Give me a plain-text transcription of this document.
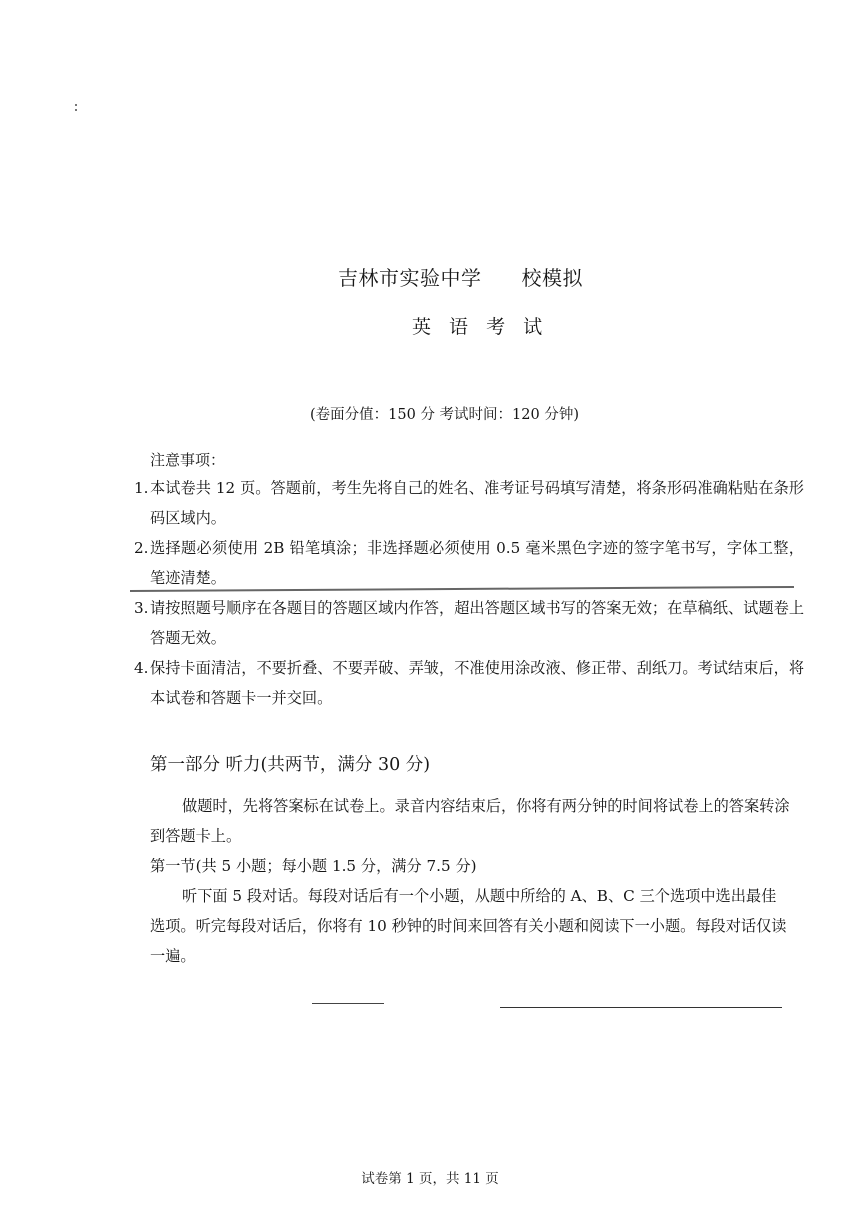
吉林市实验中学 校模拟
英 语 考 试
(卷面分值：150 分 考试时间：120 分钟)
注意事项：
1. 本试卷共 12 页。答题前，考生先将自己的姓名、准考证号码填写清楚，将条形码准确粘贴在条形码区域内。
2. 选择题必须使用 2B 铅笔填涂；非选择题必须使用 0.5 毫米黑色字迹的签字笔书写，字体工整，笔迹清楚。
3. 请按照题号顺序在各题目的答题区域内作答，超出答题区域书写的答案无效；在草稿纸、试题卷上答题无效。
4. 保持卡面清洁，不要折叠、不要弄破、弄皱，不准使用涂改液、修正带、刮纸刀。考试结束后，将本试卷和答题卡一并交回。
第一部分 听力(共两节，满分 30 分)

做题时，先将答案标在试卷上。录音内容结束后，你将有两分钟的时间将试卷上的答案转涂到答题卡上。

第一节(共 5 小题；每小题 1.5 分，满分 7.5 分)

听下面 5 段对话。每段对话后有一个小题，从题中所给的 A、B、C 三个选项中选出最佳选项。听完每段对话后，你将有 10 秒钟的时间来回答有关小题和阅读下一小题。每段对话仅读一遍。

试卷第 1 页，共 11 页
